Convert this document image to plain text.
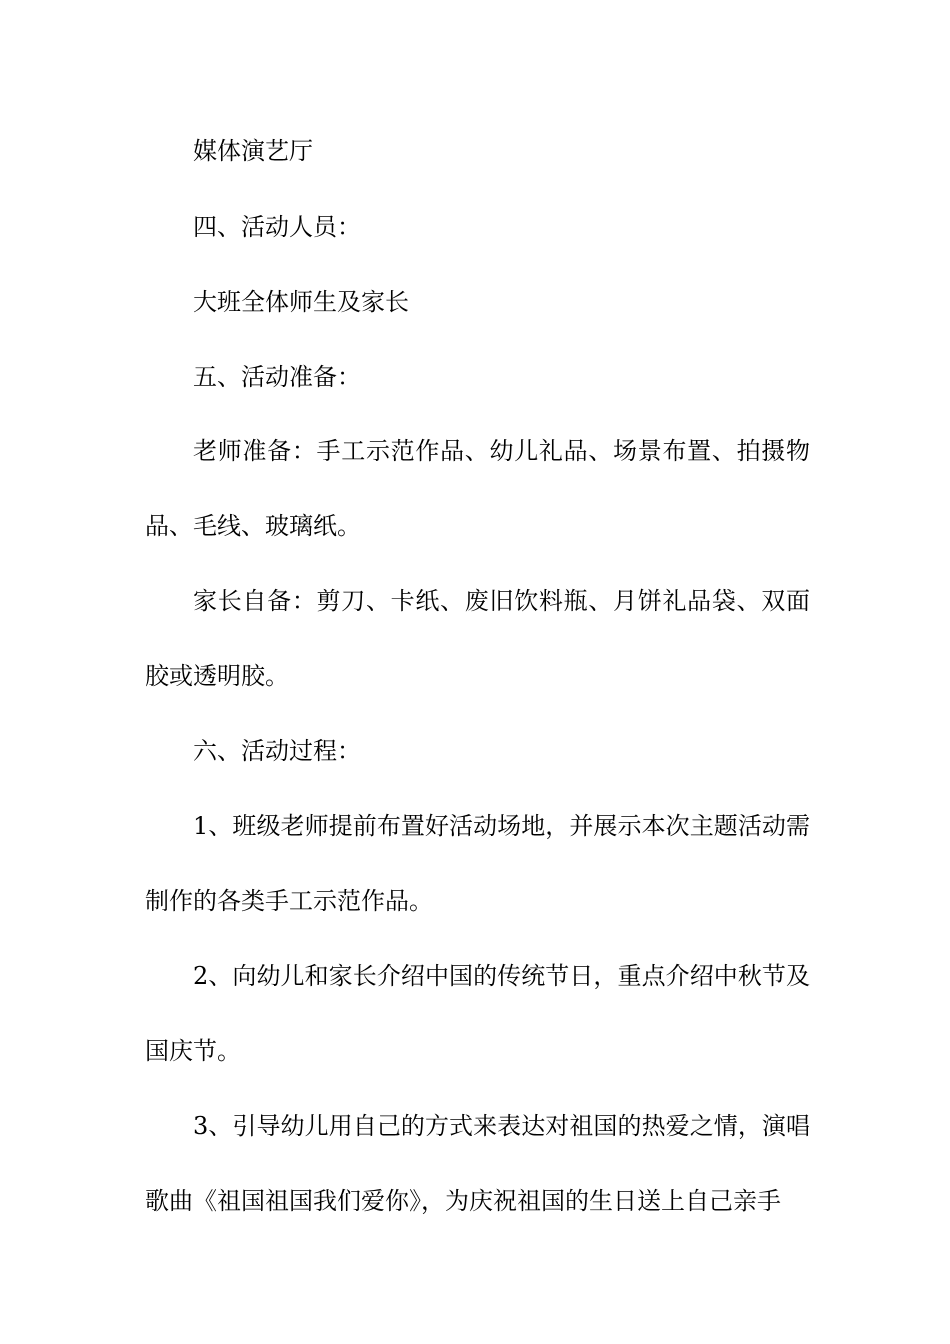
媒体演艺厅

四、活动人员：

大班全体师生及家长

五、活动准备：

老师准备：手工示范作品、幼儿礼品、场景布置、拍摄物品、毛线、玻璃纸。

家长自备：剪刀、卡纸、废旧饮料瓶、月饼礼品袋、双面胶或透明胶。

六、活动过程：

1、班级老师提前布置好活动场地，并展示本次主题活动需制作的各类手工示范作品。

2、向幼儿和家长介绍中国的传统节日，重点介绍中秋节及国庆节。

3、引导幼儿用自己的方式来表达对祖国的热爱之情，演唱歌曲《祖国祖国我们爱你》，为庆祝祖国的生日送上自己亲手
